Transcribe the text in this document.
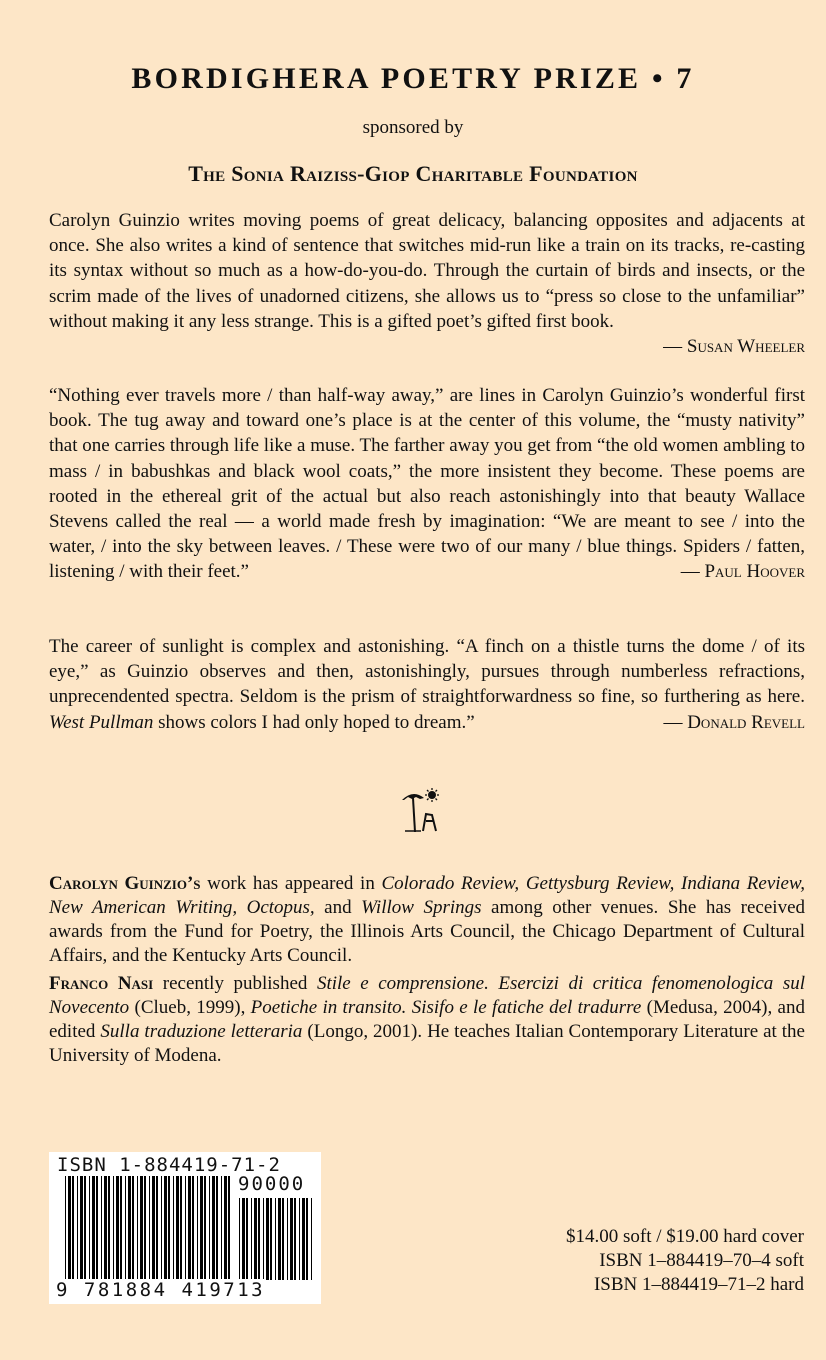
BORDIGHERA POETRY PRIZE • 7
sponsored by
The Sonia Raiziss-Giop Charitable Foundation

Carolyn Guinzio writes moving poems of great delicacy, balancing opposites and adjacents at once. She also writes a kind of sentence that switches mid-run like a train on its tracks, re-casting its syntax without so much as a how-do-you-do. Through the curtain of birds and insects, or the scrim made of the lives of unadorned citizens, she allows us to “press so close to the unfamiliar” without making it any less strange. This is a gifted poet’s gifted first book.
— Susan Wheeler

“Nothing ever travels more / than half-way away,” are lines in Carolyn Guinzio’s wonderful first book. The tug away and toward one’s place is at the center of this volume, the “musty nativity” that one carries through life like a muse. The farther away you get from “the old women ambling to mass / in babushkas and black wool coats,” the more insistent they become. These poems are rooted in the ethereal grit of the actual but also reach astonishingly into that beauty Wallace Stevens called the real — a world made fresh by imagination: “We are meant to see / into the water, / into the sky between leaves. / These were two of our many / blue things. Spiders / fatten, listening / with their feet.”	— Paul Hoover

The career of sunlight is complex and astonishing. “A finch on a thistle turns the dome / of its eye,” as Guinzio observes and then, astonishingly, pursues through numberless refractions, unprecendented spectra. Seldom is the prism of straightforwardness so fine, so furthering as here. West Pullman shows colors I had only hoped to dream.”	— Donald Revell

Carolyn Guinzio’s work has appeared in Colorado Review, Gettysburg Review, Indiana Review, New American Writing, Octopus, and Willow Springs among other venues. She has received awards from the Fund for Poetry, the Illinois Arts Council, the Chicago Department of Cultural Affairs, and the Kentucky Arts Council.

Franco Nasi recently published Stile e comprensione. Esercizi di critica fenomenologica sul Novecento (Clueb, 1999), Poetiche in transito. Sisifo e le fatiche del tradurre (Medusa, 2004), and edited Sulla traduzione letteraria (Longo, 2001). He teaches Italian Contemporary Literature at the University of Modena.

ISBN 1-884419-71-2
90000
9 781884 419713
$14.00 soft / $19.00 hard cover
ISBN 1–884419–70–4 soft
ISBN 1–884419–71–2 hard
